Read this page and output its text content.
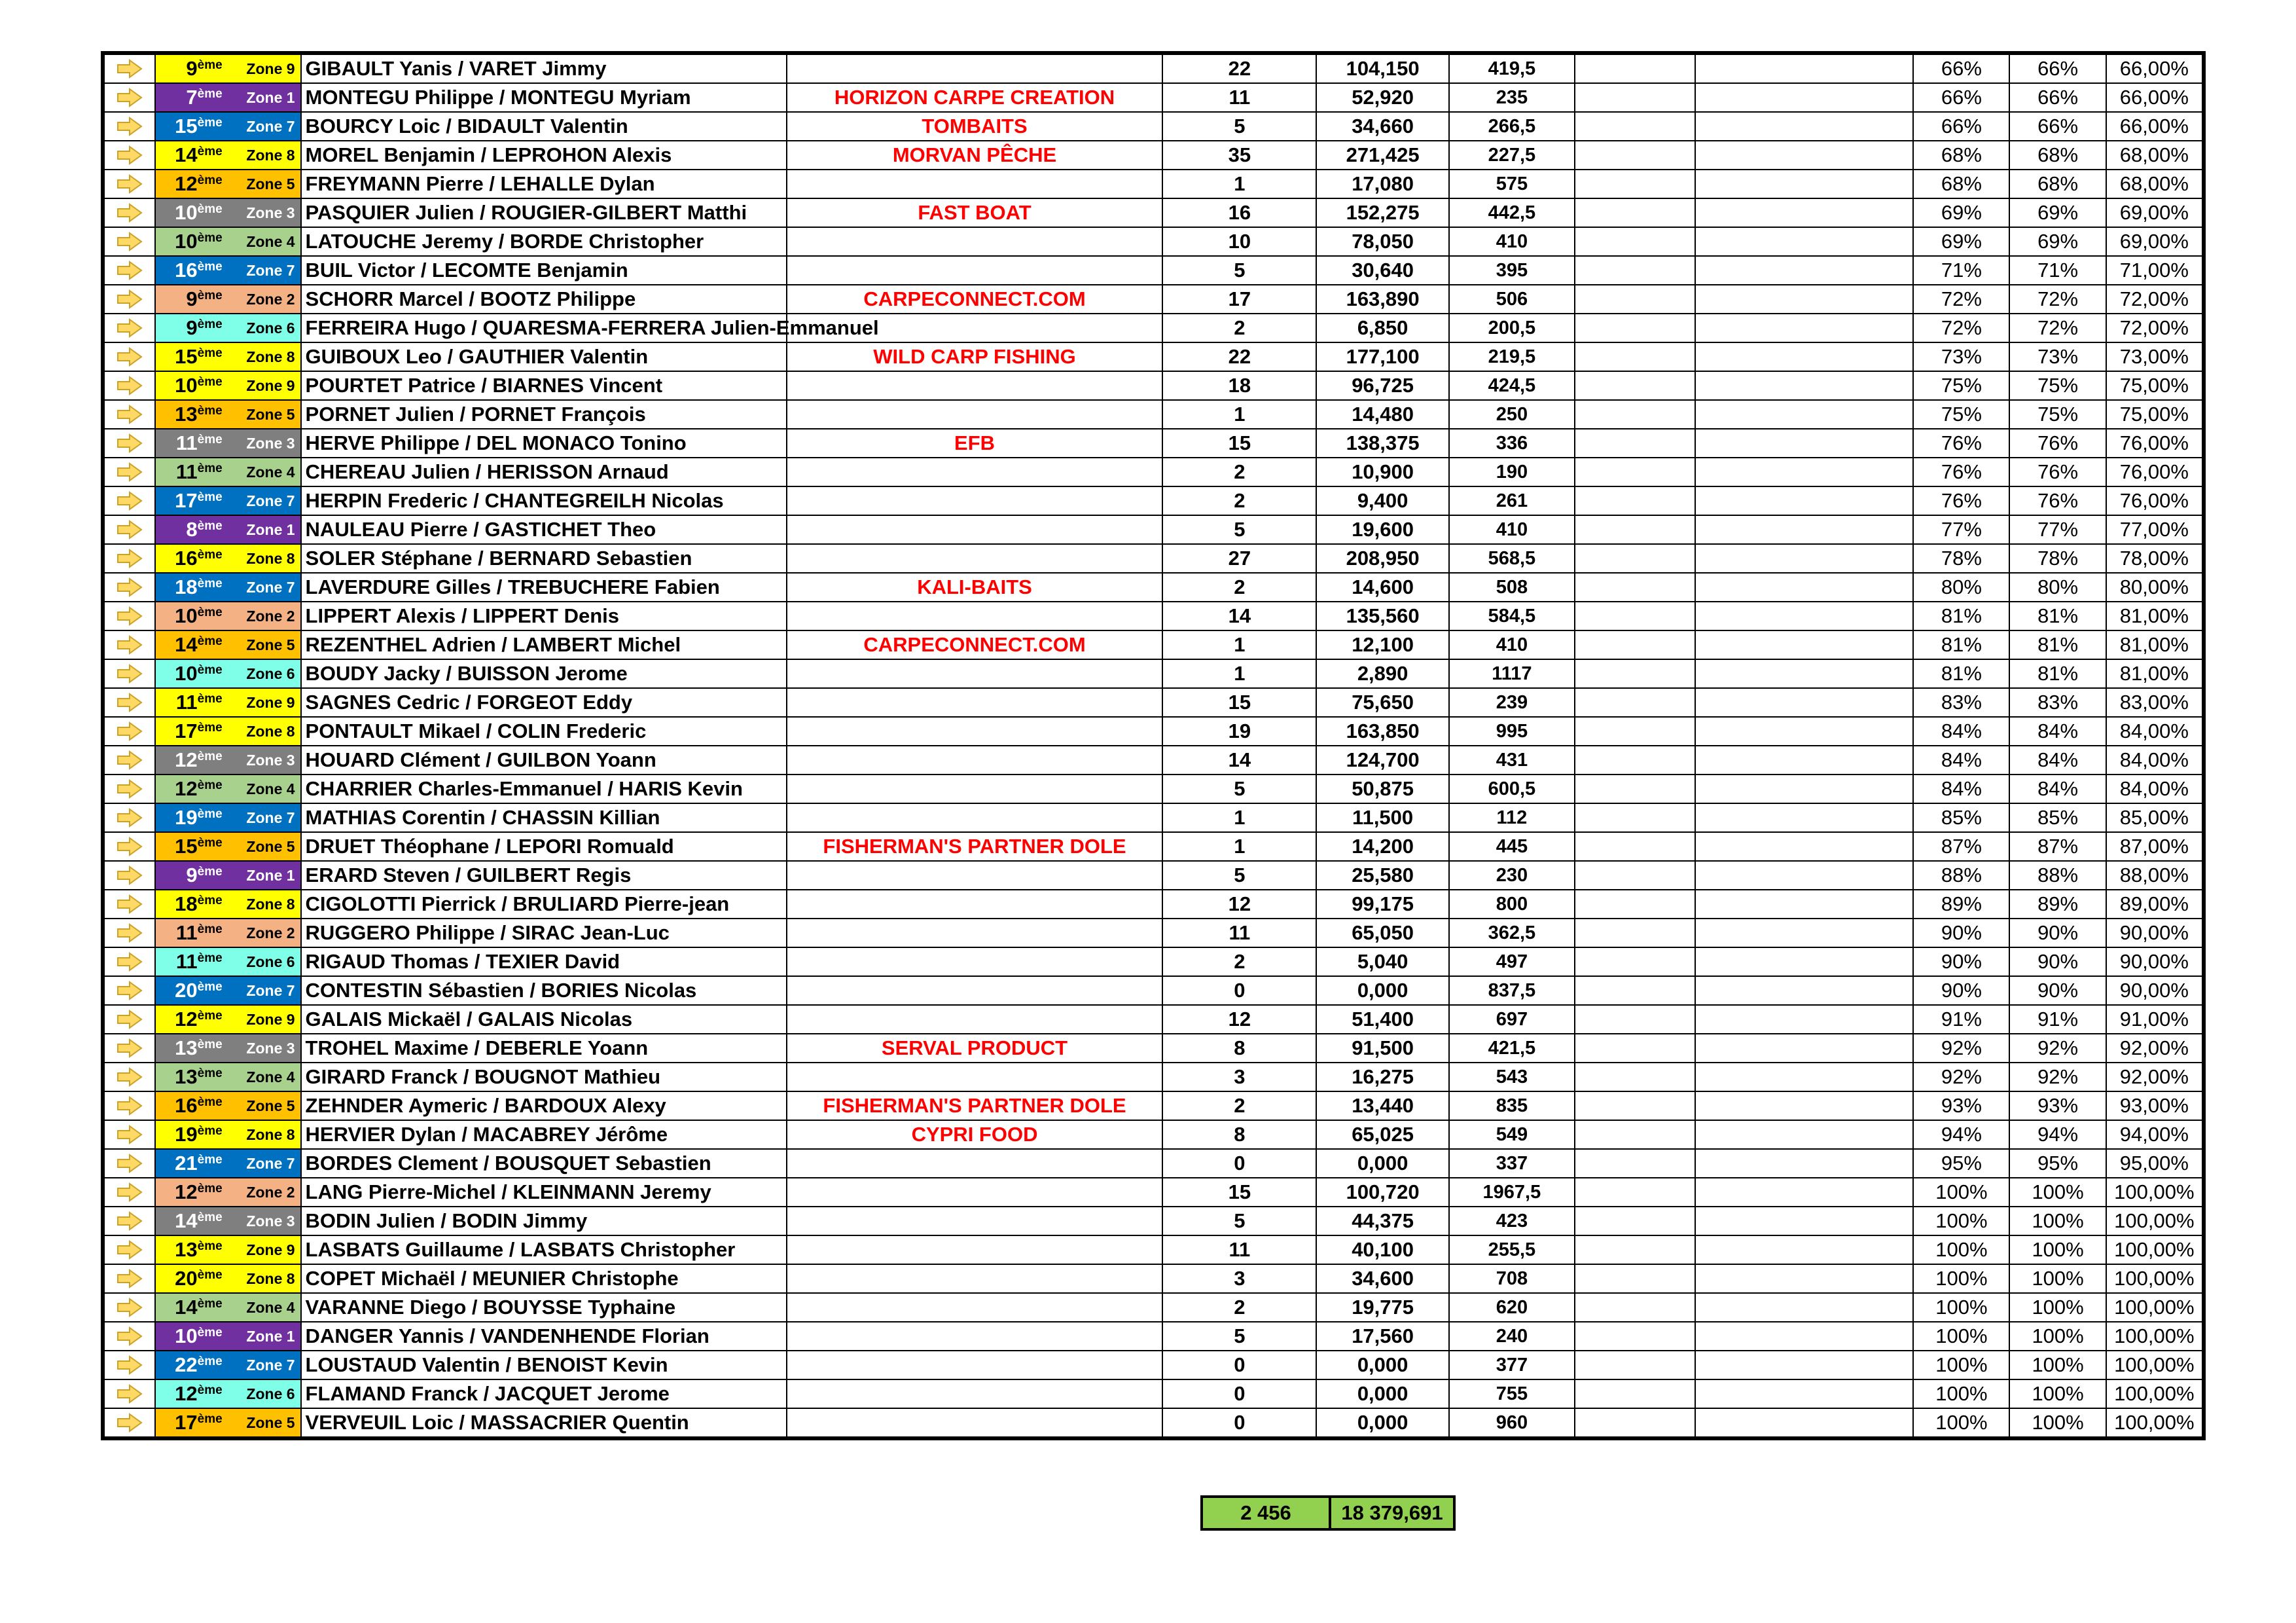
	9ème Zone 9	GIBAULT Yanis / VARET Jimmy		22	104,150	419,5			66%	66%	66,00%

	7ème Zone 1	MONTEGU Philippe / MONTEGU Myriam	HORIZON CARPE CREATION	11	52,920	235			66%	66%	66,00%

	15ème Zone 7	BOURCY Loic / BIDAULT Valentin	TOMBAITS	5	34,660	266,5			66%	66%	66,00%

	14ème Zone 8	MOREL Benjamin / LEPROHON Alexis	MORVAN PÊCHE	35	271,425	227,5			68%	68%	68,00%

	12ème Zone 5	FREYMANN Pierre / LEHALLE Dylan		1	17,080	575			68%	68%	68,00%

	10ème Zone 3	PASQUIER Julien / ROUGIER-GILBERT Matthi	FAST BOAT	16	152,275	442,5			69%	69%	69,00%

	10ème Zone 4	LATOUCHE Jeremy / BORDE Christopher		10	78,050	410			69%	69%	69,00%

	16ème Zone 7	BUIL Victor / LECOMTE Benjamin		5	30,640	395			71%	71%	71,00%

	9ème Zone 2	SCHORR Marcel / BOOTZ Philippe	CARPECONNECT.COM	17	163,890	506			72%	72%	72,00%

	9ème Zone 6	FERREIRA Hugo / QUARESMA-FERRERA Julien-Emmanuel		2	6,850	200,5			72%	72%	72,00%

	15ème Zone 8	GUIBOUX Leo / GAUTHIER Valentin	WILD CARP FISHING	22	177,100	219,5			73%	73%	73,00%

	10ème Zone 9	POURTET Patrice / BIARNES Vincent		18	96,725	424,5			75%	75%	75,00%

	13ème Zone 5	PORNET Julien / PORNET François		1	14,480	250			75%	75%	75,00%

	11ème Zone 3	HERVE Philippe / DEL MONACO Tonino	EFB	15	138,375	336			76%	76%	76,00%

	11ème Zone 4	CHEREAU Julien / HERISSON Arnaud		2	10,900	190			76%	76%	76,00%

	17ème Zone 7	HERPIN Frederic / CHANTEGREILH Nicolas		2	9,400	261			76%	76%	76,00%

	8ème Zone 1	NAULEAU Pierre / GASTICHET Theo		5	19,600	410			77%	77%	77,00%

	16ème Zone 8	SOLER Stéphane / BERNARD Sebastien		27	208,950	568,5			78%	78%	78,00%

	18ème Zone 7	LAVERDURE Gilles / TREBUCHERE Fabien	KALI-BAITS	2	14,600	508			80%	80%	80,00%

	10ème Zone 2	LIPPERT Alexis / LIPPERT Denis		14	135,560	584,5			81%	81%	81,00%

	14ème Zone 5	REZENTHEL Adrien / LAMBERT Michel	CARPECONNECT.COM	1	12,100	410			81%	81%	81,00%

	10ème Zone 6	BOUDY Jacky / BUISSON Jerome		1	2,890	1117			81%	81%	81,00%

	11ème Zone 9	SAGNES Cedric / FORGEOT Eddy		15	75,650	239			83%	83%	83,00%

	17ème Zone 8	PONTAULT Mikael / COLIN Frederic		19	163,850	995			84%	84%	84,00%

	12ème Zone 3	HOUARD Clément / GUILBON Yoann		14	124,700	431			84%	84%	84,00%

	12ème Zone 4	CHARRIER Charles-Emmanuel / HARIS Kevin		5	50,875	600,5			84%	84%	84,00%

	19ème Zone 7	MATHIAS Corentin / CHASSIN Killian		1	11,500	112			85%	85%	85,00%

	15ème Zone 5	DRUET Théophane / LEPORI Romuald	FISHERMAN'S PARTNER DOLE	1	14,200	445			87%	87%	87,00%

	9ème Zone 1	ERARD Steven / GUILBERT Regis		5	25,580	230			88%	88%	88,00%

	18ème Zone 8	CIGOLOTTI Pierrick / BRULIARD Pierre-jean		12	99,175	800			89%	89%	89,00%

	11ème Zone 2	RUGGERO Philippe / SIRAC Jean-Luc		11	65,050	362,5			90%	90%	90,00%

	11ème Zone 6	RIGAUD Thomas / TEXIER David		2	5,040	497			90%	90%	90,00%

	20ème Zone 7	CONTESTIN Sébastien / BORIES Nicolas		0	0,000	837,5			90%	90%	90,00%

	12ème Zone 9	GALAIS Mickaël / GALAIS Nicolas		12	51,400	697			91%	91%	91,00%

	13ème Zone 3	TROHEL Maxime / DEBERLE Yoann	SERVAL PRODUCT	8	91,500	421,5			92%	92%	92,00%

	13ème Zone 4	GIRARD Franck / BOUGNOT Mathieu		3	16,275	543			92%	92%	92,00%

	16ème Zone 5	ZEHNDER Aymeric / BARDOUX Alexy	FISHERMAN'S PARTNER DOLE	2	13,440	835			93%	93%	93,00%

	19ème Zone 8	HERVIER Dylan / MACABREY Jérôme	CYPRI FOOD	8	65,025	549			94%	94%	94,00%

	21ème Zone 7	BORDES Clement / BOUSQUET Sebastien		0	0,000	337			95%	95%	95,00%

	12ème Zone 2	LANG Pierre-Michel / KLEINMANN Jeremy		15	100,720	1967,5			100%	100%	100,00%

	14ème Zone 3	BODIN Julien / BODIN Jimmy		5	44,375	423			100%	100%	100,00%

	13ème Zone 9	LASBATS Guillaume / LASBATS Christopher		11	40,100	255,5			100%	100%	100,00%

	20ème Zone 8	COPET Michaël / MEUNIER Christophe		3	34,600	708			100%	100%	100,00%

	14ème Zone 4	VARANNE Diego / BOUYSSE Typhaine		2	19,775	620			100%	100%	100,00%

	10ème Zone 1	DANGER Yannis / VANDENHENDE Florian		5	17,560	240			100%	100%	100,00%

	22ème Zone 7	LOUSTAUD Valentin / BENOIST Kevin		0	0,000	377			100%	100%	100,00%

	12ème Zone 6	FLAMAND Franck / JACQUET Jerome		0	0,000	755			100%	100%	100,00%

	17ème Zone 5	VERVEUIL Loic / MASSACRIER Quentin		0	0,000	960			100%	100%	100,00%
2 456	18 379,691
